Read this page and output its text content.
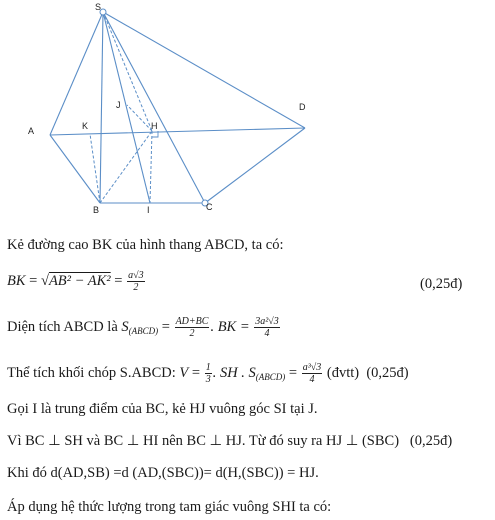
S
A	K
J
H
D
B	I	C
Kẻ đường cao BK của hình thang ABCD, ta có:
BK = $√AB^2 - AK^2 = \frac{a√3}{2}$	(0,25đ)
Diện tích ABCD là $S_{(ABCD)} = \frac{AD+BC}{2}$ . BK = $\frac{\text{3a²√3}}{4}$
Thể tích khối chóp S.ABCD: $V = \frac{1}{3}$ . SH . $S_{(ABCD)} = \frac{\text{a³√3}}{4}$ (đvtt) (0,25đ)
Gọi I là trung điểm của BC, kẻ HJ vuông góc SI tại J.
Vì BC ⊥ SH và BC ⊥ HI nên BC ⊥ HJ. Từ đó suy ra HJ ⊥ (SBC) (0,25đ)
Khi đó d(AD,SB) =d (AD,(SBC))= d(H,(SBC)) = HJ.
Áp dụng hệ thức lượng trong tam giác vuông SHI ta có:
